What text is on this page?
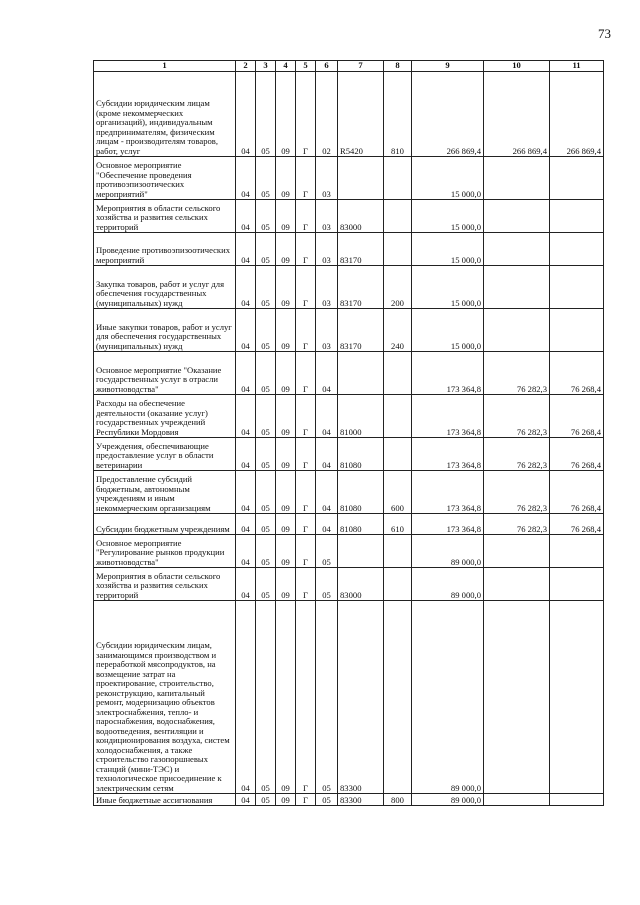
73
1	2	3	4	5	6	7	8	9	10	11
Субсидии юридическим лицам (кроме некоммерческих организаций), индивидуальным предпринимателям, физическим лицам - производителям товаров, работ, услуг	04	05	09	Г	02	R5420	810	266 869,4	266 869,4	266 869,4
Основное мероприятие "Обеспечение проведения противоэпизоотических мероприятий"	04	05	09	Г	03			15 000,0		
Мероприятия в области сельского хозяйства и развития сельских территорий	04	05	09	Г	03	83000		15 000,0		
Проведение противоэпизоотических мероприятий	04	05	09	Г	03	83170		15 000,0		
Закупка товаров, работ и услуг для обеспечения государственных (муниципальных) нужд	04	05	09	Г	03	83170	200	15 000,0		
Иные закупки товаров, работ и услуг для обеспечения государственных (муниципальных) нужд	04	05	09	Г	03	83170	240	15 000,0		
Основное мероприятие "Оказание государственных услуг в отрасли животноводства"	04	05	09	Г	04			173 364,8	76 282,3	76 268,4
Расходы на обеспечение деятельности (оказание услуг) государственных учреждений Республики Мордовия	04	05	09	Г	04	81000		173 364,8	76 282,3	76 268,4
Учреждения, обеспечивающие предоставление услуг в области ветеринарии	04	05	09	Г	04	81080		173 364,8	76 282,3	76 268,4
Предоставление субсидий бюджетным, автономным учреждениям и иным некоммерческим организациям	04	05	09	Г	04	81080	600	173 364,8	76 282,3	76 268,4
Субсидии бюджетным учреждениям	04	05	09	Г	04	81080	610	173 364,8	76 282,3	76 268,4
Основное мероприятие "Регулирование рынков продукции животноводства"	04	05	09	Г	05			89 000,0		
Мероприятия в области сельского хозяйства и развития сельских территорий	04	05	09	Г	05	83000		89 000,0		
Субсидии юридическим лицам, занимающимся производством и переработкой мясопродуктов, на возмещение затрат на проектирование, строительство, реконструкцию, капитальный ремонт, модернизацию объектов электроснабжения, тепло- и пароснабжения, водоснабжения, водоотведения, вентиляции и кондиционирования воздуха, систем холодоснабжения, а также строительство газопоршневых станций (мини-ТЭС) и технологическое присоединение к электрическим сетям	04	05	09	Г	05	83300		89 000,0		
Иные бюджетные ассигнования	04	05	09	Г	05	83300	800	89 000,0		
